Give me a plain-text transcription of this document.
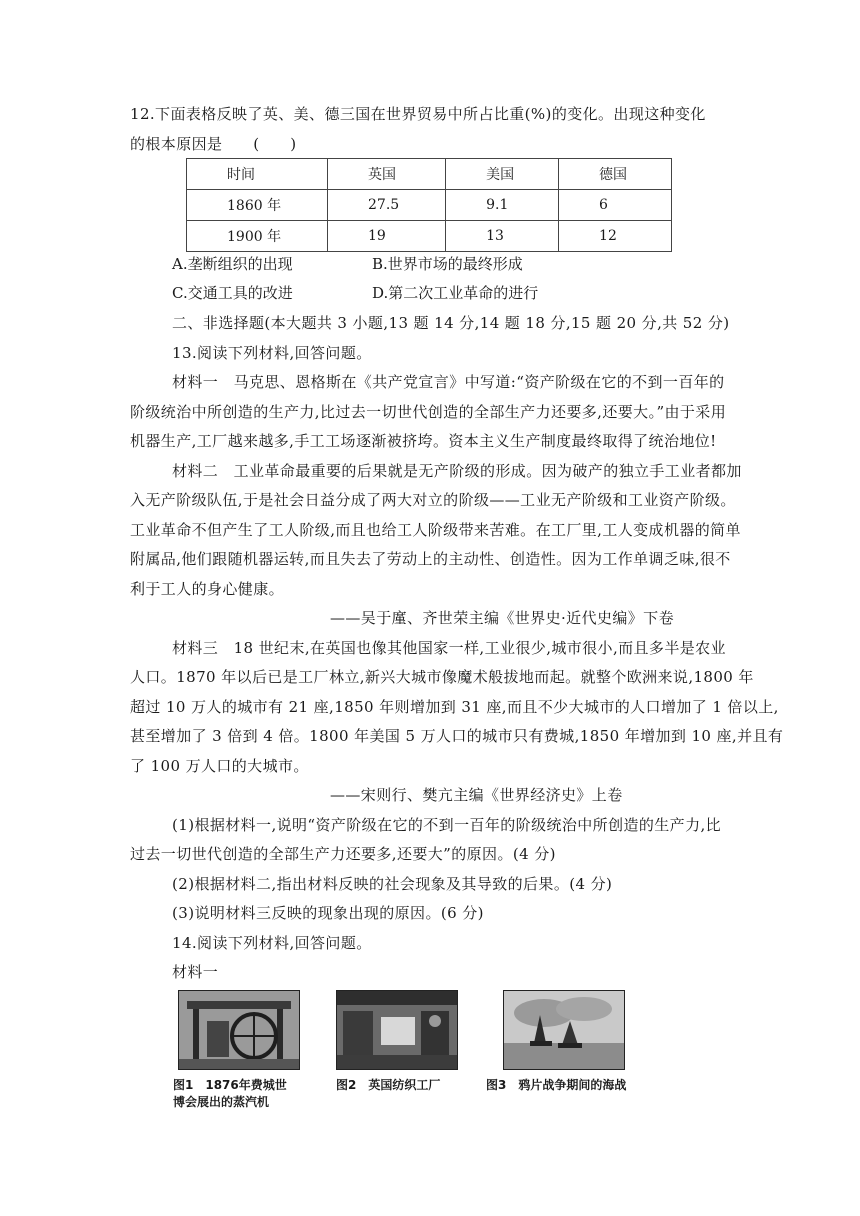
12.下面表格反映了英、美、德三国在世界贸易中所占比重(%)的变化。出现这种变化
的根本原因是　　(　　)
时间	英国	美国	德国
1860 年	27.5	9.1	6
1900 年	19	13	12
A.垄断组织的出现	B.世界市场的最终形成
C.交通工具的改进	D.第二次工业革命的进行
二、非选择题(本大题共 3 小题,13 题 14 分,14 题 18 分,15 题 20 分,共 52 分)
13.阅读下列材料,回答问题。
材料一　马克思、恩格斯在《共产党宣言》中写道:“资产阶级在它的不到一百年的
阶级统治中所创造的生产力,比过去一切世代创造的全部生产力还要多,还要大。”由于采用
机器生产,工厂越来越多,手工工场逐渐被挤垮。资本主义生产制度最终取得了统治地位!
材料二　工业革命最重要的后果就是无产阶级的形成。因为破产的独立手工业者都加
入无产阶级队伍,于是社会日益分成了两大对立的阶级——工业无产阶级和工业资产阶级。
工业革命不但产生了工人阶级,而且也给工人阶级带来苦难。在工厂里,工人变成机器的简单
附属品,他们跟随机器运转,而且失去了劳动上的主动性、创造性。因为工作单调乏味,很不
利于工人的身心健康。
——吴于廑、齐世荣主编《世界史·近代史编》下卷
材料三　18 世纪末,在英国也像其他国家一样,工业很少,城市很小,而且多半是农业
人口。1870 年以后已是工厂林立,新兴大城市像魔术般拔地而起。就整个欧洲来说,1800 年
超过 10 万人的城市有 21 座,1850 年则增加到 31 座,而且不少大城市的人口增加了 1 倍以上,
甚至增加了 3 倍到 4 倍。1800 年美国 5 万人口的城市只有费城,1850 年增加到 10 座,并且有
了 100 万人口的大城市。
——宋则行、樊亢主编《世界经济史》上卷
(1)根据材料一,说明“资产阶级在它的不到一百年的阶级统治中所创造的生产力,比
过去一切世代创造的全部生产力还要多,还要大”的原因。(4 分)
(2)根据材料二,指出材料反映的社会现象及其导致的后果。(4 分)
(3)说明材料三反映的现象出现的原因。(6 分)
14.阅读下列材料,回答问题。
材料一
图1　1876年费城世
博会展出的蒸汽机
图2　英国纺织工厂	图3　鸦片战争期间的海战
